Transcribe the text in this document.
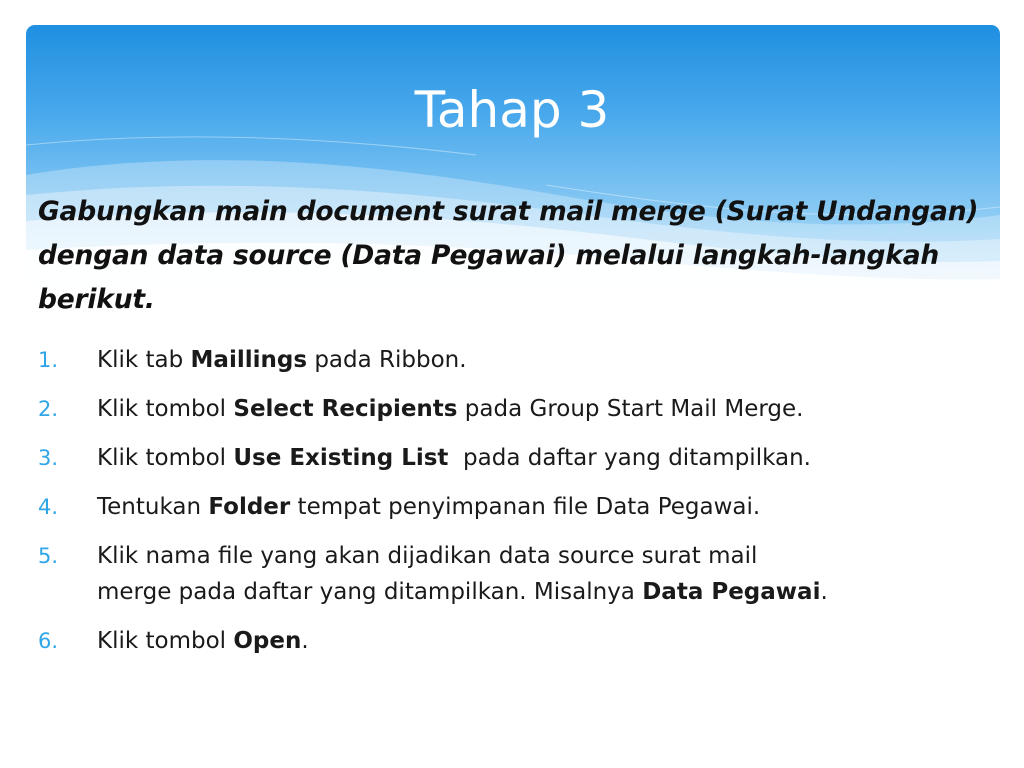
Tahap 3

Gabungkan main document surat mail merge (Surat Undangan) dengan data source (Data Pegawai) melalui langkah-langkah berikut.

1. Klik tab Maillings pada Ribbon.
2. Klik tombol Select Recipients pada Group Start Mail Merge.
3. Klik tombol Use Existing List  pada daftar yang ditampilkan.
4. Tentukan Folder tempat penyimpanan file Data Pegawai.
5. Klik nama file yang akan dijadikan data source surat mail
merge pada daftar yang ditampilkan. Misalnya Data Pegawai.
6. Klik tombol Open.
